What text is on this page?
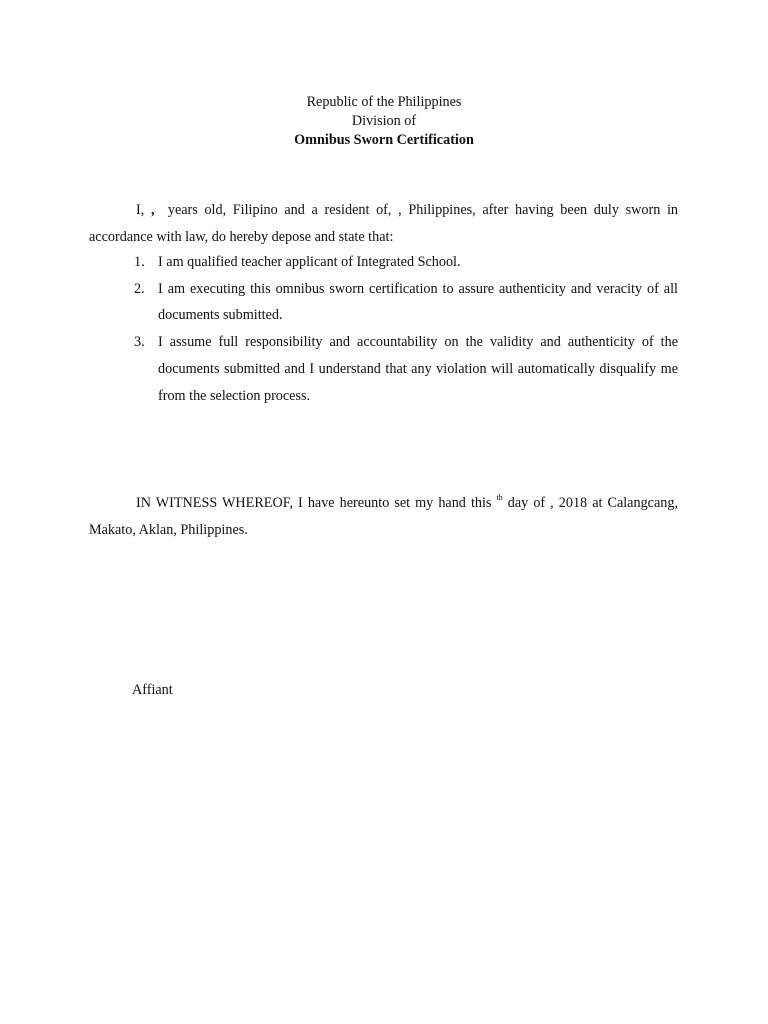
Republic of the Philippines
Division of
Omnibus Sworn Certification
I, , years old, Filipino and a resident of, , Philippines, after having been duly sworn in accordance with law, do hereby depose and state that:
1. I am qualified teacher applicant of Integrated School.
2. I am executing this omnibus sworn certification to assure authenticity and veracity of all documents submitted.
3. I assume full responsibility and accountability on the validity and authenticity of the documents submitted and I understand that any violation will automatically disqualify me from the selection process.
IN WITNESS WHEREOF, I have hereunto set my hand this $^{th}$ day of , 2018 at Calangcang, Makato, Aklan, Philippines.
Affiant
